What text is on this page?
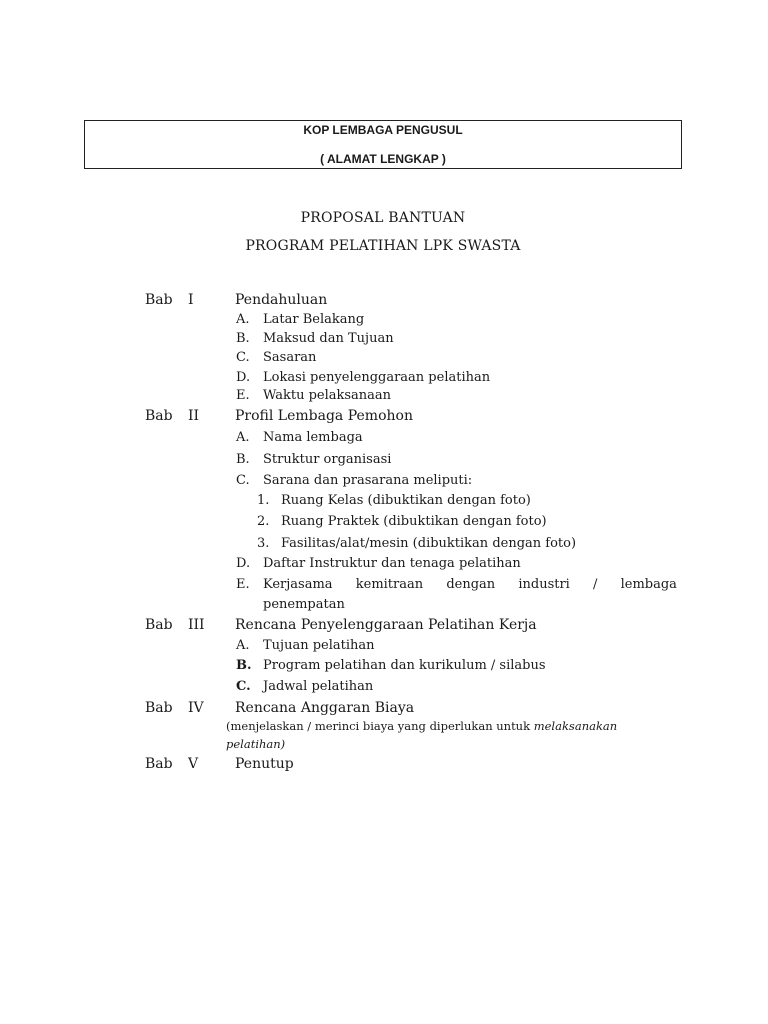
KOP LEMBAGA PENGUSUL
( ALAMAT LENGKAP )
PROPOSAL BANTUAN
PROGRAM PELATIHAN LPK SWASTA
Bab I	Pendahuluan
A. Latar Belakang
B. Maksud dan Tujuan
C. Sasaran
D. Lokasi penyelenggaraan pelatihan
E. Waktu pelaksanaan
Bab II	Profil Lembaga Pemohon
A. Nama lembaga
B. Struktur organisasi
C. Sarana dan prasarana meliputi:
1. Ruang Kelas (dibuktikan dengan foto)
2. Ruang Praktek (dibuktikan dengan foto)
3. Fasilitas/alat/mesin (dibuktikan dengan foto)
D. Daftar Instruktur dan tenaga pelatihan
E. Kerjasama kemitraan dengan industri / lembaga
penempatan
Bab III Rencana Penyelenggaraan Pelatihan Kerja
A. Tujuan pelatihan
B. Program pelatihan dan kurikulum / silabus
C. Jadwal pelatihan
Bab IV Rencana Anggaran Biaya
(menjelaskan / merinci biaya yang diperlukan untuk melaksanakan
pelatihan)
Bab V	Penutup
